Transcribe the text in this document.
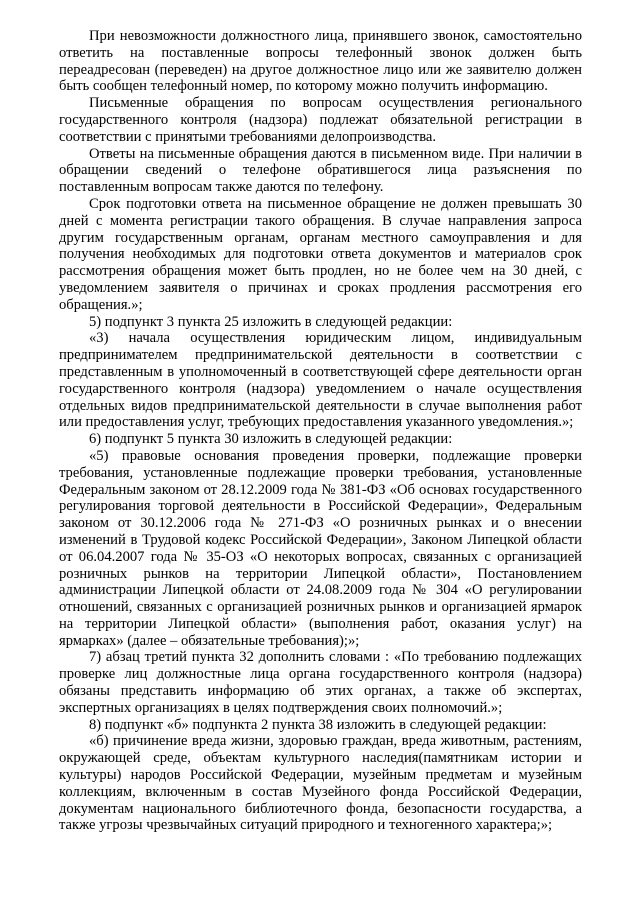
При невозможности должностного лица, принявшего звонок, самостоятельно ответить на поставленные вопросы телефонный звонок должен быть переадресован (переведен) на другое должностное лицо или же заявителю должен быть сообщен телефонный номер, по которому можно получить информацию.

Письменные обращения по вопросам осуществления регионального государственного контроля (надзора) подлежат обязательной регистрации в соответствии с принятыми требованиями делопроизводства.

Ответы на письменные обращения даются в письменном виде. При наличии в обращении сведений о телефоне обратившегося лица разъяснения по поставленным вопросам также даются по телефону.

Срок подготовки ответа на письменное обращение не должен превышать 30 дней с момента регистрации такого обращения. В случае направления запроса другим государственным органам, органам местного самоуправления и для получения необходимых для подготовки ответа документов и материалов срок рассмотрения обращения может быть продлен, но не более чем на 30 дней, с уведомлением заявителя о причинах и сроках продления рассмотрения его обращения.»;

5) подпункт 3 пункта 25 изложить в следующей редакции:

«3) начала осуществления юридическим лицом, индивидуальным предпринимателем предпринимательской деятельности в соответствии с представленным в уполномоченный в соответствующей сфере деятельности орган государственного контроля (надзора) уведомлением о начале осуществления отдельных видов предпринимательской деятельности в случае выполнения работ или предоставления услуг, требующих предоставления указанного уведомления.»;

6) подпункт 5 пункта 30 изложить в следующей редакции:

«5) правовые основания проведения проверки, подлежащие проверки требования, установленные подлежащие проверки требования, установленные Федеральным законом от 28.12.2009 года № 381-ФЗ «Об основах государственного регулирования торговой деятельности в Российской Федерации», Федеральным законом от 30.12.2006 года № 271-ФЗ «О розничных рынках и о внесении изменений в Трудовой кодекс Российской Федерации», Законом Липецкой области от 06.04.2007 года № 35-ОЗ «О некоторых вопросах, связанных с организацией розничных рынков на территории Липецкой области», Постановлением администрации Липецкой области от 24.08.2009 года № 304 «О регулировании отношений, связанных с организацией розничных рынков и организацией ярмарок на территории Липецкой области» (выполнения работ, оказания услуг) на ярмарках» (далее – обязательные требования);»;

7) абзац третий пункта 32 дополнить словами : «По требованию подлежащих проверке лиц должностные лица органа государственного контроля (надзора) обязаны представить информацию об этих органах, а также об экспертах, экспертных организациях в целях подтверждения своих полномочий.»;

8) подпункт «б» подпункта 2 пункта 38 изложить в следующей редакции:

«б) причинение вреда жизни, здоровью граждан, вреда животным, растениям, окружающей среде, объектам культурного наследия(памятникам истории и культуры) народов Российской Федерации, музейным предметам и музейным коллекциям, включенным в состав Музейного фонда Российской Федерации, документам национального библиотечного фонда, безопасности государства, а также угрозы чрезвычайных ситуаций природного и техногенного характера;»;
